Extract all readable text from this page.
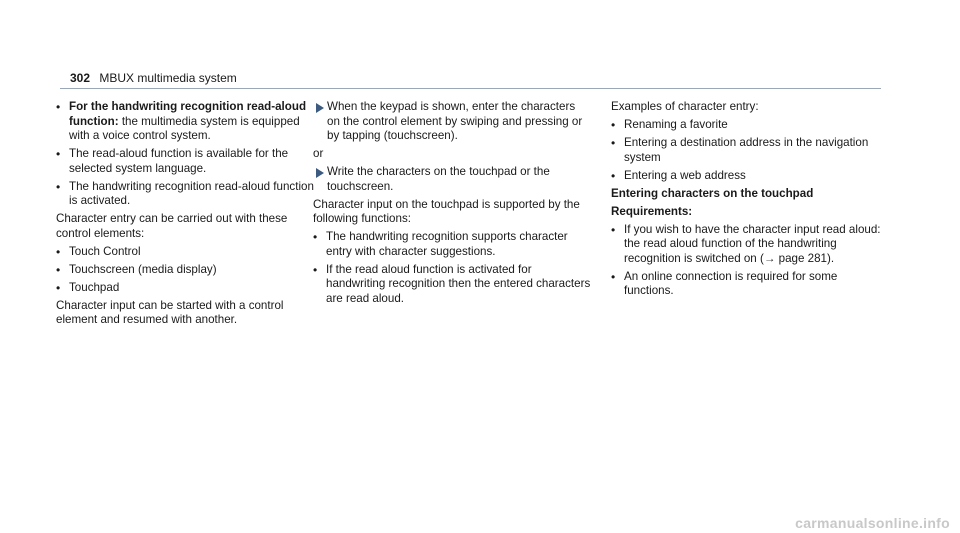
302 MBUX multimedia system
• For the handwriting recognition read-aloud function: the multimedia system is equipped with a voice control system.
• The read-aloud function is available for the selected system language.
• The handwriting recognition read-aloud function is activated.

Character entry can be carried out with these control elements:

• Touch Control
• Touchscreen (media display)
• Touchpad

Character input can be started with a control element and resumed with another.

When the keypad is shown, enter the characters on the control element by swiping and pressing or by tapping (touchscreen).

or

Write the characters on the touchpad or the touchscreen.

Character input on the touchpad is supported by the following functions:

• The handwriting recognition supports character entry with character suggestions.
• If the read aloud function is activated for handwriting recognition then the entered characters are read aloud.

Examples of character entry:

• Renaming a favorite
• Entering a destination address in the navigation system
• Entering a web address

Entering characters on the touchpad

Requirements:

• If you wish to have the character input read aloud: the read aloud function of the handwriting recognition is switched on (→ page 281).
• An online connection is required for some functions.
carmanualsonline.info
